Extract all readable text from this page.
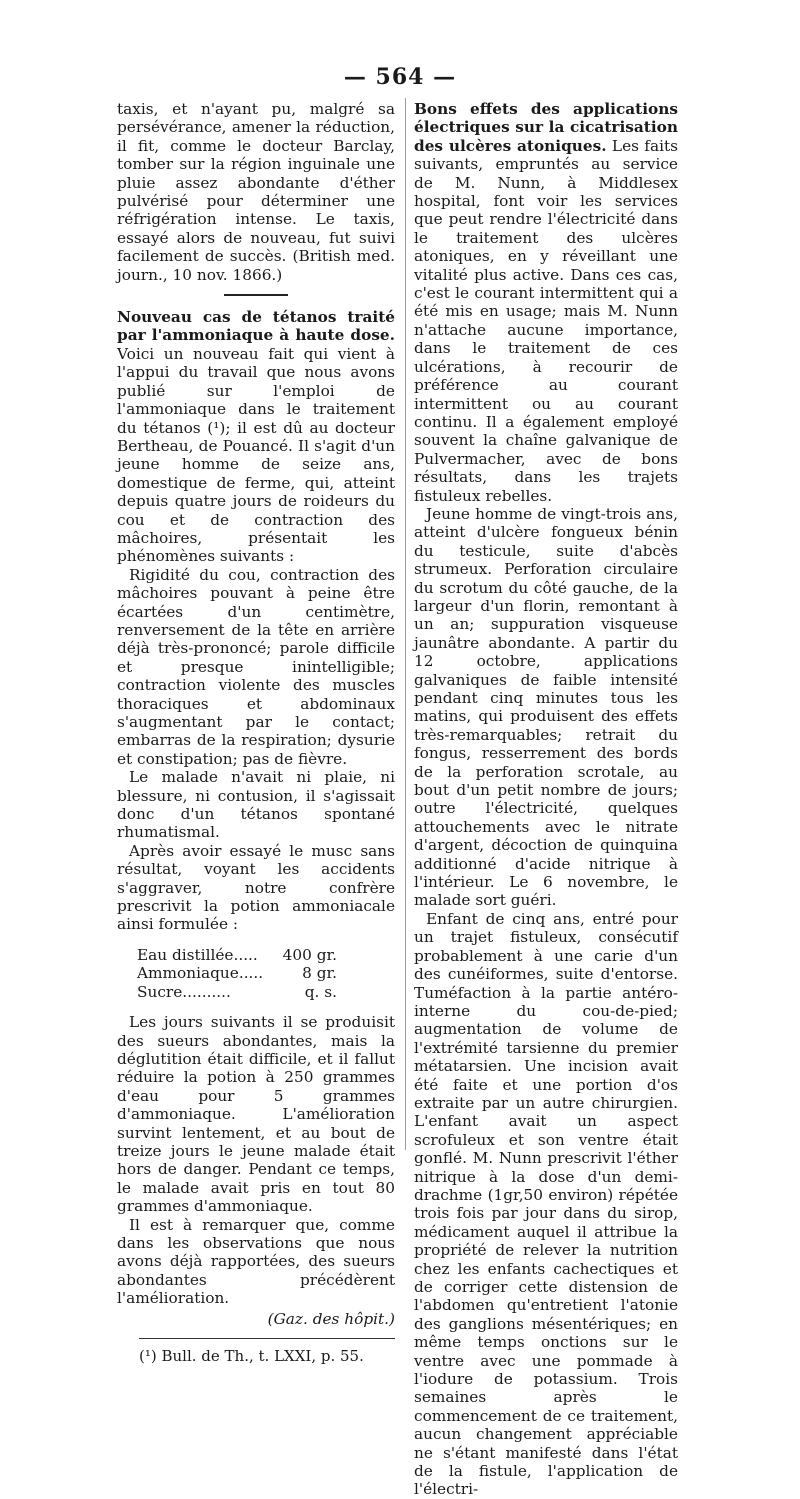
— 564 —

taxis, et n'ayant pu, malgré sa persévérance, amener la réduction, il fit, comme le docteur Barclay, tomber sur la région inguinale une pluie assez abondante d'éther pulvérisé pour déterminer une réfrigération intense. Le taxis, essayé alors de nouveau, fut suivi facilement de succès. (British med. journ., 10 nov. 1866.)

Nouveau cas de tétanos traité par l'ammoniaque à haute dose. Voici un nouveau fait qui vient à l'appui du travail que nous avons publié sur l'emploi de l'ammoniaque dans le traitement du tétanos (¹); il est dû au docteur Bertheau, de Pouancé. Il s'agit d'un jeune homme de seize ans, domestique de ferme, qui, atteint depuis quatre jours de roideurs du cou et de contraction des mâchoires, présentait les phénomènes suivants :

Rigidité du cou, contraction des mâchoires pouvant à peine être écartées d'un centimètre, renversement de la tête en arrière déjà très-prononcé; parole difficile et presque inintelligible; contraction violente des muscles thoraciques et abdominaux s'augmentant par le contact; embarras de la respiration; dysurie et constipation; pas de fièvre.

Le malade n'avait ni plaie, ni blessure, ni contusion, il s'agissait donc d'un tétanos spontané rhumatismal.

Après avoir essayé le musc sans résultat, voyant les accidents s'aggraver, notre confrère prescrivit la potion ammoniacale ainsi formulée :

Eau distillée..... 400 gr.
Ammoniaque.....	8 gr.
Sucre..........	q. s.

Les jours suivants il se produisit des sueurs abondantes, mais la déglutition était difficile, et il fallut réduire la potion à 250 grammes d'eau pour 5 grammes d'ammoniaque. L'amélioration survint lentement, et au bout de treize jours le jeune malade était hors de danger. Pendant ce temps, le malade avait pris en tout 80 grammes d'ammoniaque.

Il est à remarquer que, comme dans les observations que nous avons déjà rapportées, des sueurs abondantes précédèrent l'amélioration.

(Gaz. des hôpit.)

(¹) Bull. de Th., t. LXXI, p. 55.

Bons effets des applications électriques sur la cicatrisation des ulcères atoniques. Les faits suivants, empruntés au service de M. Nunn, à Middlesex hospital, font voir les services que peut rendre l'électricité dans le traitement des ulcères atoniques, en y réveillant une vitalité plus active. Dans ces cas, c'est le courant intermittent qui a été mis en usage; mais M. Nunn n'attache aucune importance, dans le traitement de ces ulcérations, à recourir de préférence au courant intermittent ou au courant continu. Il a également employé souvent la chaîne galvanique de Pulvermacher, avec de bons résultats, dans les trajets fistuleux rebelles.

Jeune homme de vingt-trois ans, atteint d'ulcère fongueux bénin du testicule, suite d'abcès strumeux. Perforation circulaire du scrotum du côté gauche, de la largeur d'un florin, remontant à un an; suppuration visqueuse jaunâtre abondante. A partir du 12 octobre, applications galvaniques de faible intensité pendant cinq minutes tous les matins, qui produisent des effets très-remarquables; retrait du fongus, resserrement des bords de la perforation scrotale, au bout d'un petit nombre de jours; outre l'électricité, quelques attouchements avec le nitrate d'argent, décoction de quinquina additionné d'acide nitrique à l'intérieur. Le 6 novembre, le malade sort guéri.

Enfant de cinq ans, entré pour un trajet fistuleux, consécutif probablement à une carie d'un des cunéiformes, suite d'entorse. Tuméfaction à la partie antéro-interne du cou-de-pied; augmentation de volume de l'extrémité tarsienne du premier métatarsien. Une incision avait été faite et une portion d'os extraite par un autre chirurgien. L'enfant avait un aspect scrofuleux et son ventre était gonflé. M. Nunn prescrivit l'éther nitrique à la dose d'un demi-drachme (1gr,50 environ) répétée trois fois par jour dans du sirop, médicament auquel il attribue la propriété de relever la nutrition chez les enfants cachectiques et de corriger cette distension de l'abdomen qu'entretient l'atonie des ganglions mésentériques; en même temps onctions sur le ventre avec une pommade à l'iodure de potassium. Trois semaines après le commencement de ce traitement, aucun changement appréciable ne s'étant manifesté dans l'état de la fistule, l'application de l'électri-
